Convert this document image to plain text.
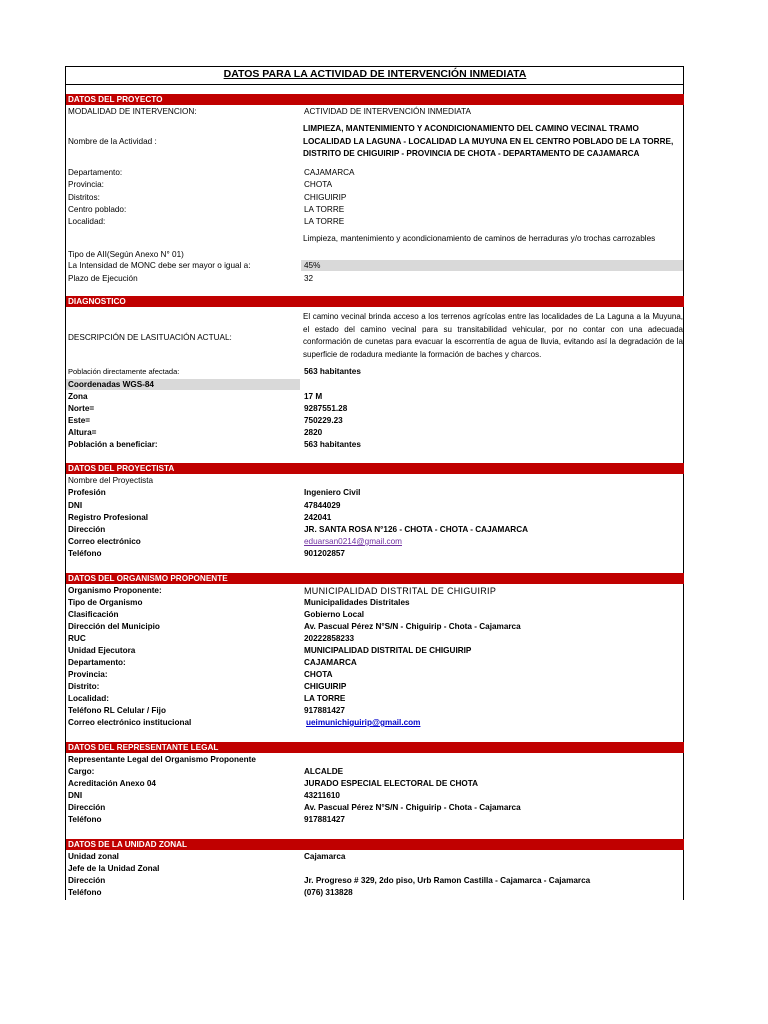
DATOS PARA LA ACTIVIDAD DE INTERVENCIÓN INMEDIATA
DATOS DEL PROYECTO
MODALIDAD DE INTERVENCION:	ACTIVIDAD DE INTERVENCIÓN INMEDIATA
Nombre de la Actividad :
LIMPIEZA, MANTENIMIENTO Y ACONDICIONAMIENTO DEL CAMINO VECINAL TRAMO LOCALIDAD LA LAGUNA - LOCALIDAD LA MUYUNA EN EL CENTRO POBLADO DE LA TORRE, DISTRITO DE CHIGUIRIP - PROVINCIA DE CHOTA - DEPARTAMENTO DE CAJAMARCA
Departamento:	CAJAMARCA
Provincia:	CHOTA
Distritos:	CHIGUIRIP
Centro poblado:	LA TORRE
Localidad:	LA TORRE
Tipo de AII(Según Anexo N° 01)
Limpieza, mantenimiento y acondicionamiento de caminos de herraduras y/o trochas carrozables
La Intensidad de MONC debe ser mayor o igual a:	45%
Plazo de Ejecución	32
DIAGNOSTICO
DESCRIPCIÓN DE LASITUACIÓN ACTUAL:
El camino vecinal brinda acceso a los terrenos agrícolas entre las localidades de La Laguna a la Muyuna, el estado del camino vecinal para su transitabilidad vehicular, por no contar con una adecuada conformación de cunetas para evacuar la escorrentía de agua de lluvia, evitando así la degradación de la superficie de rodadura mediante la formación de baches y charcos.
Población directamente afectada:	563 habitantes
Coordenadas WGS-84
Zona	17 M
Norte=	9287551.28
Este=	750229.23
Altura=	2820
Población a beneficiar:	563 habitantes
DATOS DEL PROYECTISTA
Nombre del Proyectista
Profesión	Ingeniero Civil
DNI	47844029
Registro Profesional	242041
Dirección	JR. SANTA ROSA N°126 - CHOTA - CHOTA - CAJAMARCA
Correo electrónico	eduarsan0214@gmail.com
Teléfono	901202857
DATOS DEL ORGANISMO PROPONENTE
Organismo Proponente:	MUNICIPALIDAD DISTRITAL DE CHIGUIRIP
Tipo de Organismo	Municipalidades Distritales
Clasificación	Gobierno Local
Dirección del Municipio	Av. Pascual Pérez N°S/N - Chiguirip - Chota - Cajamarca
RUC	20222858233
Unidad Ejecutora	MUNICIPALIDAD DISTRITAL DE CHIGUIRIP
Departamento:	CAJAMARCA
Provincia:	CHOTA
Distrito:	CHIGUIRIP
Localidad:	LA TORRE
Teléfono RL Celular / Fijo	917881427
Correo electrónico institucional	ueimunichiguirip@gmail.com
DATOS DEL REPRESENTANTE LEGAL
Representante Legal del Organismo Proponente
Cargo:	ALCALDE
Acreditación Anexo 04	JURADO ESPECIAL ELECTORAL DE CHOTA
DNI	43211610
Dirección	Av. Pascual Pérez N°S/N - Chiguirip - Chota - Cajamarca
Teléfono	917881427
DATOS DE LA UNIDAD ZONAL
Unidad zonal	Cajamarca
Jefe de la Unidad Zonal
Dirección	Jr. Progreso # 329, 2do piso, Urb Ramon Castilla - Cajamarca - Cajamarca
Teléfono	(076) 313828
